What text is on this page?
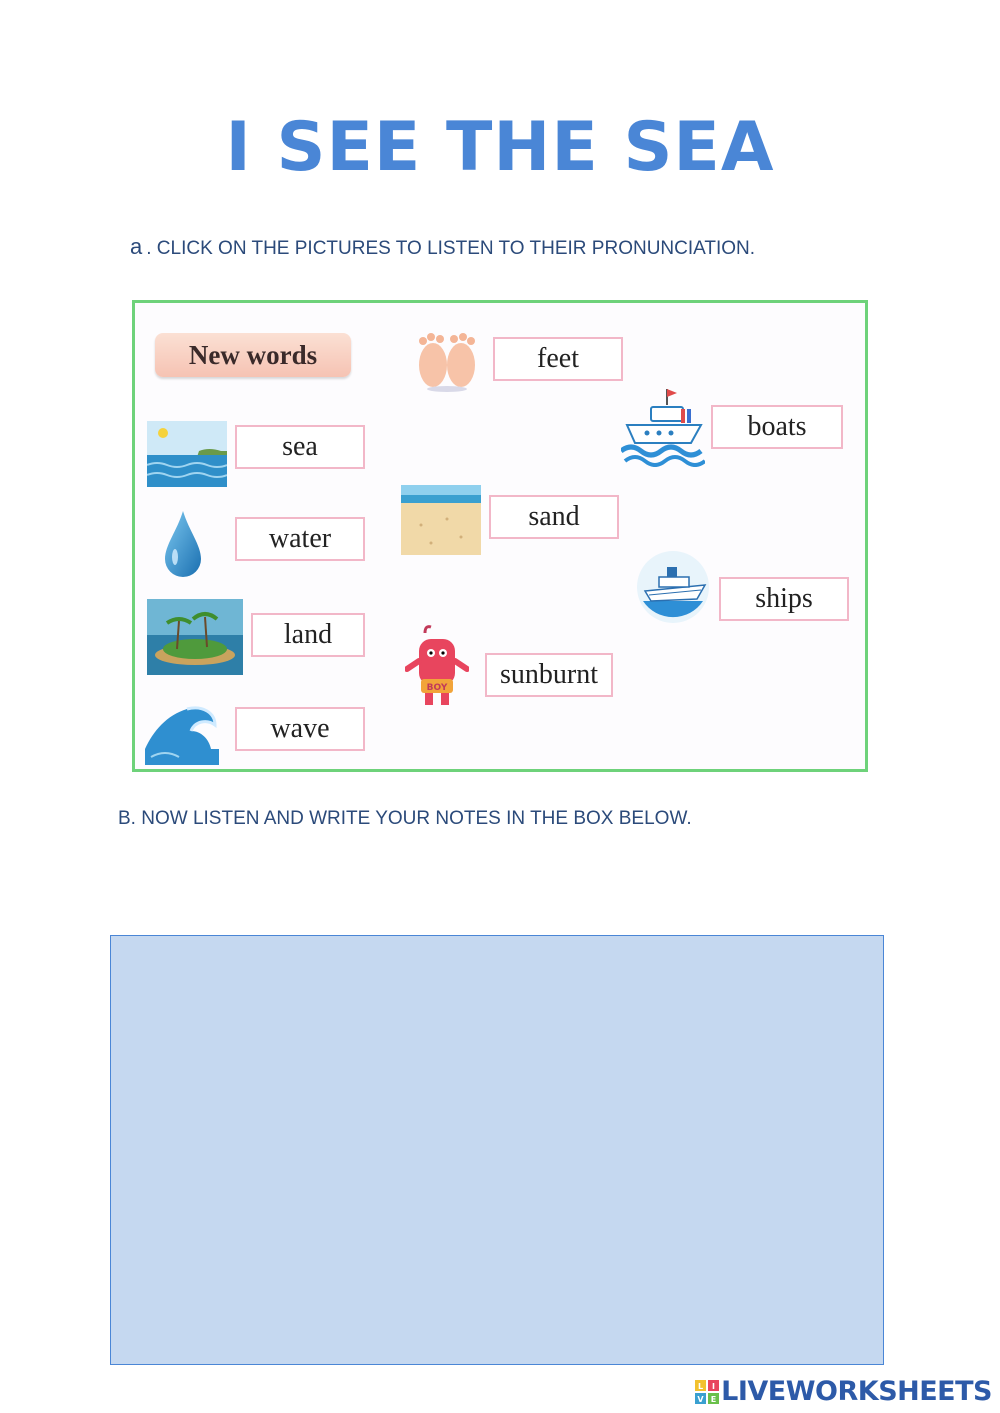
I SEE THE SEA

a . CLICK ON THE PICTURES TO LISTEN TO THEIR PRONUNCIATION.

New words
sea
water
land
wave
feet
sand
BOY	sunburnt
boats
ships

B. NOW LISTEN AND WRITE YOUR NOTES IN THE BOX BELOW.

L I
V E LIVEWORKSHEETS
